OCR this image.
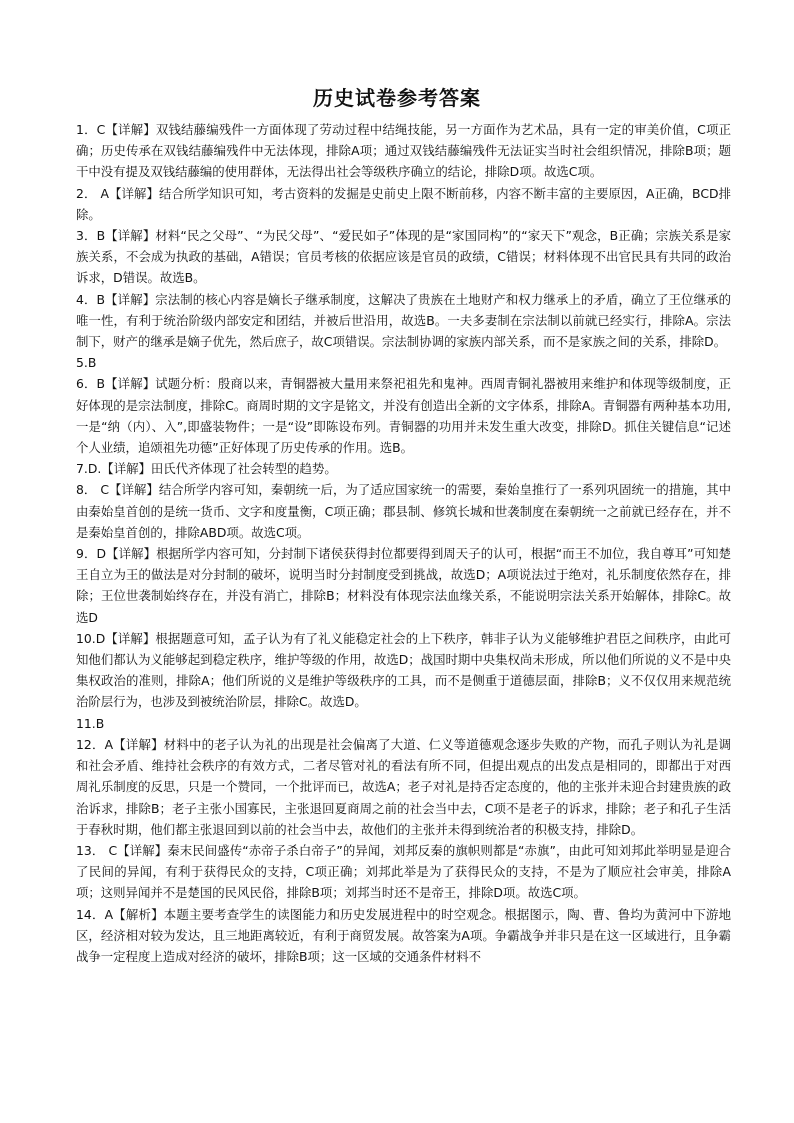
历史试卷参考答案

1．C【详解】双钱结藤编残件一方面体现了劳动过程中结绳技能，另一方面作为艺术品，具有一定的审美价值，C项正确；历史传承在双钱结藤编残件中无法体现，排除A项；通过双钱结藤编残件无法证实当时社会组织情况，排除B项；题干中没有提及双钱结藤编的使用群体，无法得出社会等级秩序确立的结论，排除D项。故选C项。

2． A【详解】结合所学知识可知，考古资料的发掘是史前史上限不断前移，内容不断丰富的主要原因，A正确，BCD排除。

3．B【详解】材料“民之父母”、“为民父母”、“爱民如子”体现的是“家国同构”的“家天下”观念，B正确；宗族关系是家族关系，不会成为执政的基础，A错误；官员考核的依据应该是官员的政绩，C错误；材料体现不出官民具有共同的政治诉求，D错误。故选B。

4．B【详解】宗法制的核心内容是嫡长子继承制度，这解决了贵族在土地财产和权力继承上的矛盾，确立了王位继承的唯一性，有利于统治阶级内部安定和团结，并被后世沿用，故选B。一夫多妻制在宗法制以前就已经实行，排除A。宗法制下，财产的继承是嫡子优先，然后庶子，故C项错误。宗法制协调的家族内部关系，而不是家族之间的关系，排除D。

5.B

6．B【详解】试题分析：殷商以来，青铜器被大量用来祭祀祖先和鬼神。西周青铜礼器被用来维护和体现等级制度，正好体现的是宗法制度，排除C。商周时期的文字是铭文，并没有创造出全新的文字体系，排除A。青铜器有两种基本功用,一是“纳（内）、入”,即盛装物件；一是“设”即陈设布列。青铜器的功用并未发生重大改变，排除D。抓住关键信息“记述个人业绩，追颂祖先功德”正好体现了历史传承的作用。选B。

7.D.【详解】田氏代齐体现了社会转型的趋势。

8． C【详解】结合所学内容可知，秦朝统一后，为了适应国家统一的需要，秦始皇推行了一系列巩固统一的措施，其中由秦始皇首创的是统一货币、文字和度量衡，C项正确；郡县制、修筑长城和世袭制度在秦朝统一之前就已经存在，并不是秦始皇首创的，排除ABD项。故选C项。

9．D【详解】根据所学内容可知，分封制下诸侯获得封位都要得到周天子的认可，根据“而王不加位，我自尊耳”可知楚王自立为王的做法是对分封制的破坏，说明当时分封制度受到挑战，故选D；A项说法过于绝对，礼乐制度依然存在，排除；王位世袭制始终存在，并没有消亡，排除B；材料没有体现宗法血缘关系，不能说明宗法关系开始解体，排除C。故选D

10.D【详解】根据题意可知，孟子认为有了礼义能稳定社会的上下秩序，韩非子认为义能够维护君臣之间秩序，由此可知他们都认为义能够起到稳定秩序，维护等级的作用，故选D；战国时期中央集权尚未形成，所以他们所说的义不是中央集权政治的准则，排除A；他们所说的义是维护等级秩序的工具，而不是侧重于道德层面，排除B；义不仅仅用来规范统治阶层行为，也涉及到被统治阶层，排除C。故选D。

11.B

12．A【详解】材料中的老子认为礼的出现是社会偏离了大道、仁义等道德观念逐步失败的产物，而孔子则认为礼是调和社会矛盾、维持社会秩序的有效方式，二者尽管对礼的看法有所不同，但提出观点的出发点是相同的，即都出于对西周礼乐制度的反思，只是一个赞同，一个批评而已，故选A；老子对礼是持否定态度的，他的主张并未迎合封建贵族的政治诉求，排除B；老子主张小国寡民，主张退回夏商周之前的社会当中去，C项不是老子的诉求，排除；老子和孔子生活于春秋时期，他们都主张退回到以前的社会当中去，故他们的主张并未得到统治者的积极支持，排除D。

13． C【详解】秦末民间盛传“赤帝子杀白帝子”的异闻，刘邦反秦的旗帜则都是“赤旗”，由此可知刘邦此举明显是迎合了民间的异闻，有利于获得民众的支持，C项正确；刘邦此举是为了获得民众的支持，不是为了顺应社会审美，排除A项；这则异闻并不是楚国的民风民俗，排除B项；刘邦当时还不是帝王，排除D项。故选C项。

14．A【解析】本题主要考查学生的读图能力和历史发展进程中的时空观念。根据图示，陶、曹、鲁均为黄河中下游地区，经济相对较为发达，且三地距离较近，有利于商贸发展。故答案为A项。争霸战争并非只是在这一区域进行，且争霸战争一定程度上造成对经济的破坏，排除B项；这一区域的交通条件材料不
